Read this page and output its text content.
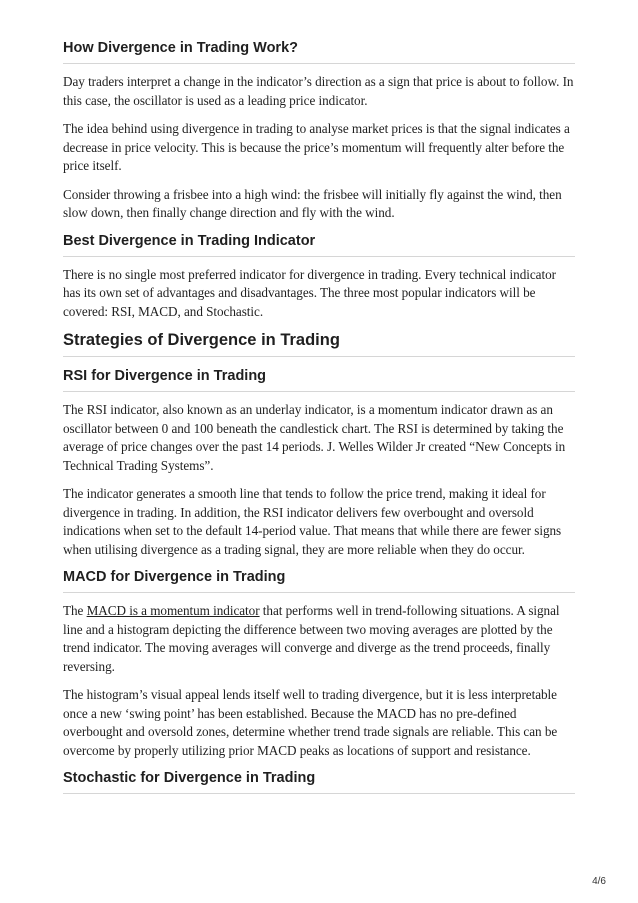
How Divergence in Trading Work?

Day traders interpret a change in the indicator’s direction as a sign that price is about to follow. In this case, the oscillator is used as a leading price indicator.

The idea behind using divergence in trading to analyse market prices is that the signal indicates a decrease in price velocity. This is because the price’s momentum will frequently alter before the price itself.

Consider throwing a frisbee into a high wind: the frisbee will initially fly against the wind, then slow down, then finally change direction and fly with the wind.

Best Divergence in Trading Indicator

There is no single most preferred indicator for divergence in trading. Every technical indicator has its own set of advantages and disadvantages. The three most popular indicators will be covered: RSI, MACD, and Stochastic.

Strategies of Divergence in Trading
RSI for Divergence in Trading

The RSI indicator, also known as an underlay indicator, is a momentum indicator drawn as an oscillator between 0 and 100 beneath the candlestick chart. The RSI is determined by taking the average of price changes over the past 14 periods. J. Welles Wilder Jr created “New Concepts in Technical Trading Systems”.

The indicator generates a smooth line that tends to follow the price trend, making it ideal for divergence in trading. In addition, the RSI indicator delivers few overbought and oversold indications when set to the default 14-period value. That means that while there are fewer signs when utilising divergence as a trading signal, they are more reliable when they do occur.

MACD for Divergence in Trading

The MACD is a momentum indicator that performs well in trend-following situations. A signal line and a histogram depicting the difference between two moving averages are plotted by the trend indicator. The moving averages will converge and diverge as the trend proceeds, finally reversing.

The histogram’s visual appeal lends itself well to trading divergence, but it is less interpretable once a new ‘swing point’ has been established. Because the MACD has no pre-defined overbought and oversold zones, determine whether trend trade signals are reliable. This can be overcome by properly utilizing prior MACD peaks as locations of support and resistance.

Stochastic for Divergence in Trading
4/6
